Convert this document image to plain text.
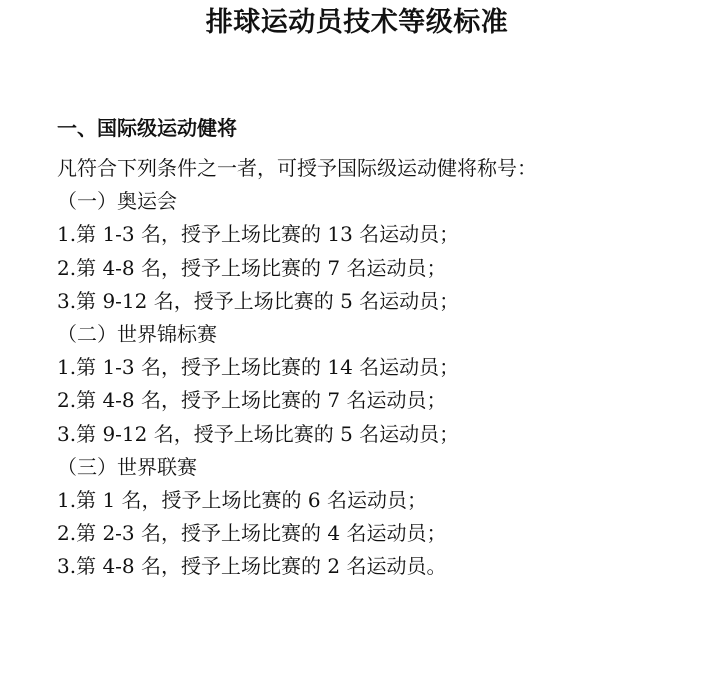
排球运动员技术等级标准
一、国际级运动健将
凡符合下列条件之一者，可授予国际级运动健将称号：
（一）奥运会
1.第 1-3 名，授予上场比赛的 13 名运动员；
2.第 4-8 名，授予上场比赛的 7 名运动员；
3.第 9-12 名，授予上场比赛的 5 名运动员；
（二）世界锦标赛
1.第 1-3 名，授予上场比赛的 14 名运动员；
2.第 4-8 名，授予上场比赛的 7 名运动员；
3.第 9-12 名，授予上场比赛的 5 名运动员；
（三）世界联赛
1.第 1 名，授予上场比赛的 6 名运动员；
2.第 2-3 名，授予上场比赛的 4 名运动员；
3.第 4-8 名，授予上场比赛的 2 名运动员。
